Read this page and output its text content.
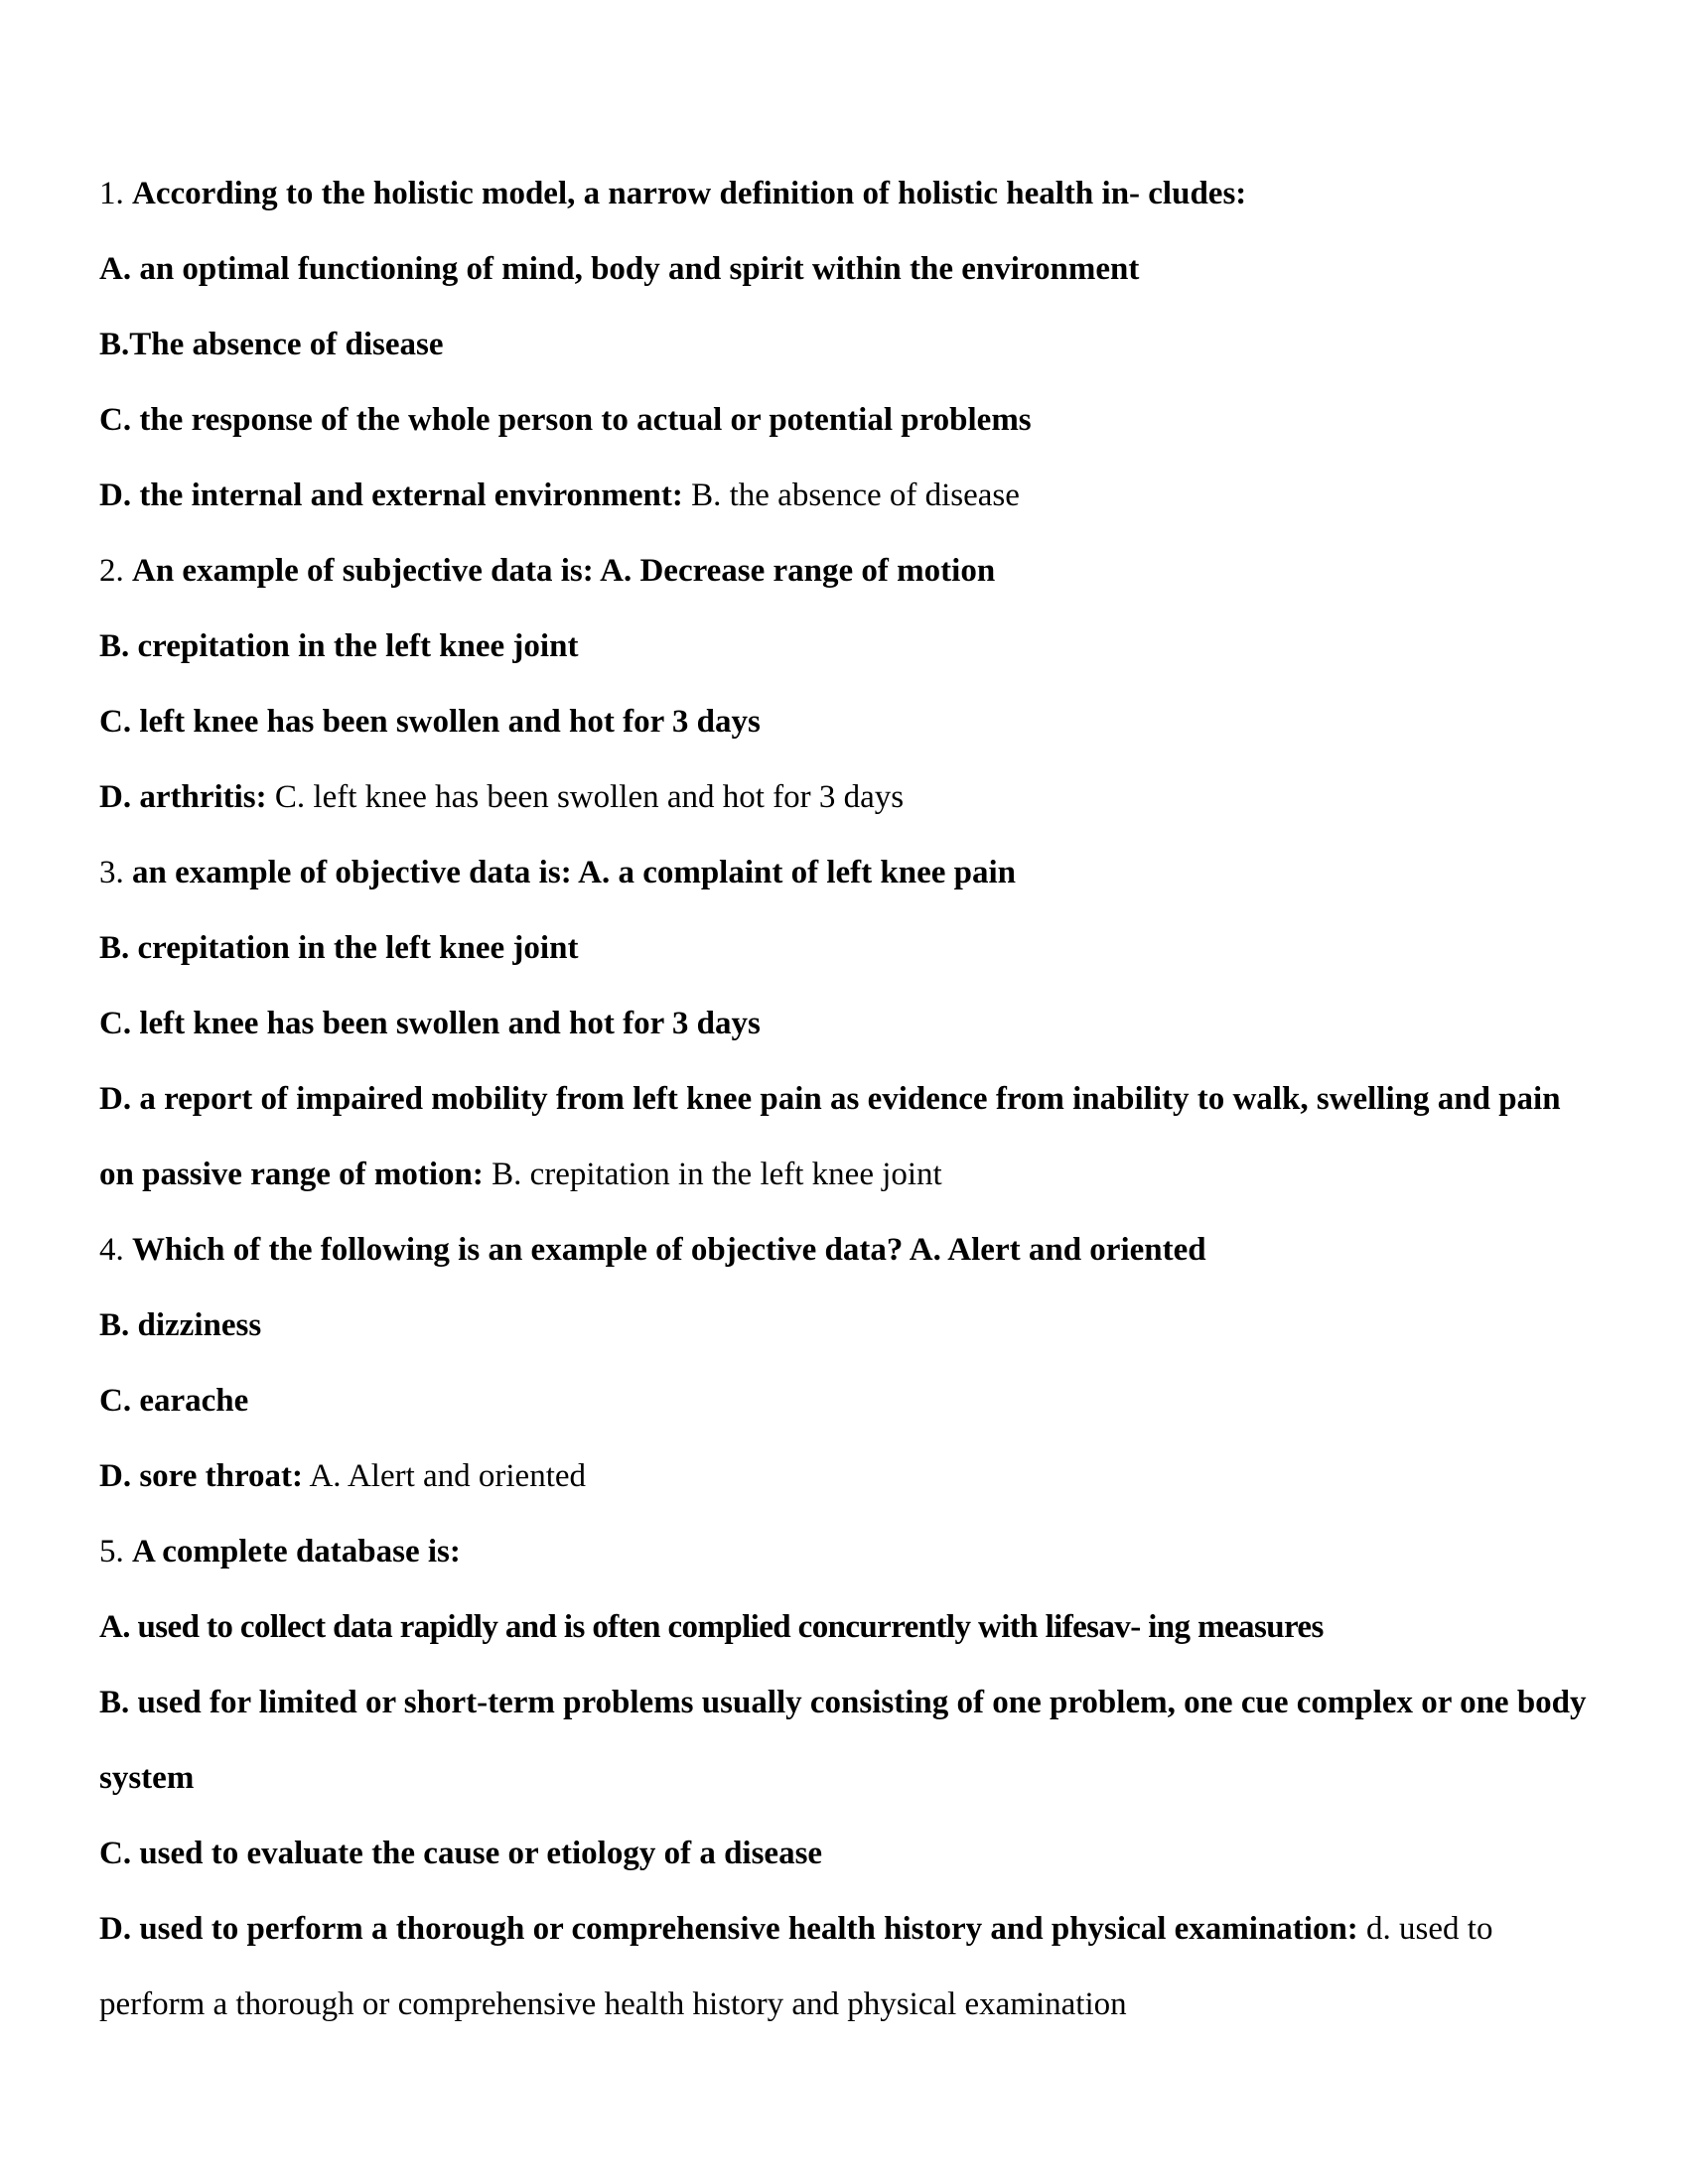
1. According to the holistic model, a narrow definition of holistic health in- cludes:
A. an optimal functioning of mind, body and spirit within the environment
B.The absence of disease
C. the response of the whole person to actual or potential problems
D. the internal and external environment: B. the absence of disease
2. An example of subjective data is: A. Decrease range of motion
B. crepitation in the left knee joint
C. left knee has been swollen and hot for 3 days
D. arthritis: C. left knee has been swollen and hot for 3 days
3. an example of objective data is: A. a complaint of left knee pain
B. crepitation in the left knee joint
C. left knee has been swollen and hot for 3 days
D. a report of impaired mobility from left knee pain as evidence from inability to walk, swelling and pain
on passive range of motion: B. crepitation in the left knee joint
4. Which of the following is an example of objective data? A. Alert and oriented
B. dizziness
C. earache
D. sore throat: A. Alert and oriented
5. A complete database is:
A. used to collect data rapidly and is often complied concurrently with lifesav- ing measures
B. used for limited or short-term problems usually consisting of one problem, one cue complex or one body
system
C. used to evaluate the cause or etiology of a disease
D. used to perform a thorough or comprehensive health history and physical examination: d. used to
perform a thorough or comprehensive health history and physical examination
